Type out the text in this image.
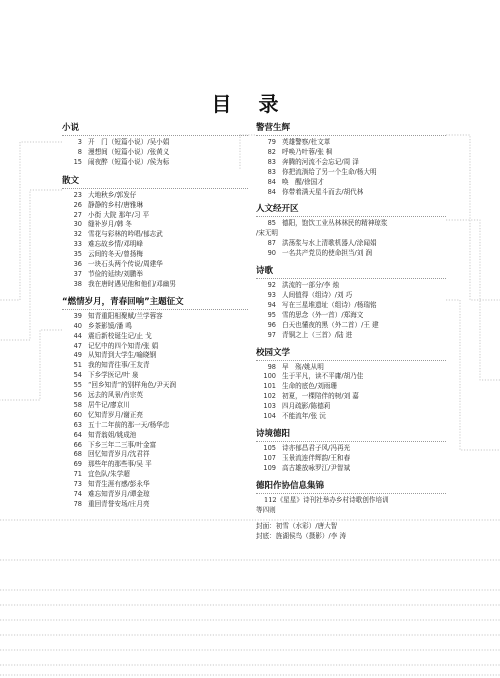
目 录
小说
3 开　门（短篇小说）/吴小娟
8 漫想间（短篇小说）/张黄义
15 闹夜醉（短篇小说）/侯为标
散文
23 大地秋乡/郭发仔
26 静静的乡村/唐雅琳
27 小街 大院 那年/习 平
30 缝补岁月/韩 冬
32 雪花与彩林的吟唱/郁志武
33 难忘故乡情/邓明峰
35 云间的冬天/曾扬梅
36 一块石头两个传说/周建华
37 节俭的延续/刘鹏举
38 我在唐时遇见他和他们/邓幽男
“燃情岁月，青春回响”主题征文
39 知青重阳相聚赋/兰学蓉容
40 乡茶影馍/潘 鸣
44 震后新校诞生记/止 戈
47 记忆中的四个知青/张 娟
49 从知青到大学生/喻晓钢
51 我的知青往事/王友青
54 下乡学医记/叶 泉
55 “回乡知青”的别样角色/尹天润
56 远去的风景/肖宗英
58 居牛记/廖京川
60 忆知青岁月/谢正亮
63 五十二年前的那一天/杨华忠
64 知青翁姐/姚成池
66 下乡三年二三事/叶金富
68 回忆知青岁月/沈君祥
69 那些年的那些事/吴 平
71 宜色队/朱学超
73 知青生涯有感/彭永华
74 难忘知青岁月/谭金琼
78 重回青誉安场/庄月亮
警营生辉
79 英雄警察/杜文革
82 呼唤乃叶蓉/张 枫
83 奔腾的河流不会忘记/周 泽
83 你把流淌给了另一个生命/杨大明
84 唤　醒/徐国才
84 你带着满天星斗而去/胡代林
人文经开区
85 德阳，饱饮工业丛林林民的精神琼浆
/宋无明
87 洪荡浆与水上清歌机器人/涂闻娟
90 一名共产党员的使命担当/刘 润
诗歌
92 洪流的一部分/李 烛
93 人间值得（组诗）/刘 巧
94 写在三星堆遗址（组诗）/杨瑞铭
95 雪的思念（外一首）/郑海文
96 白天也懂夜的黑（外二首）/王 建
97 青铜之上（三首）/陆 进
校园文学
98 早　殇/姚从明
100 生于平凡，读不平庸/胡乃佳
101 生命的底色/刘雨珊
102 初夏，一棵陪伴的树/刘 嘉
103 四月疏影/陈德莉
104 不能流年/张 沅
诗境德阳
105 诗亦郁昌君子风/冯再光
107 玉景流连伴辉韵/王和春
109 高古雄放咏罗江/尹智斌
德阳作协信息集锦
112《星星》诗刊社举办乡村诗歌创作培训
等四则
封面：初雪（水彩）/唐大智
封底：旌湖侯鸟（摄影）/李 涛
